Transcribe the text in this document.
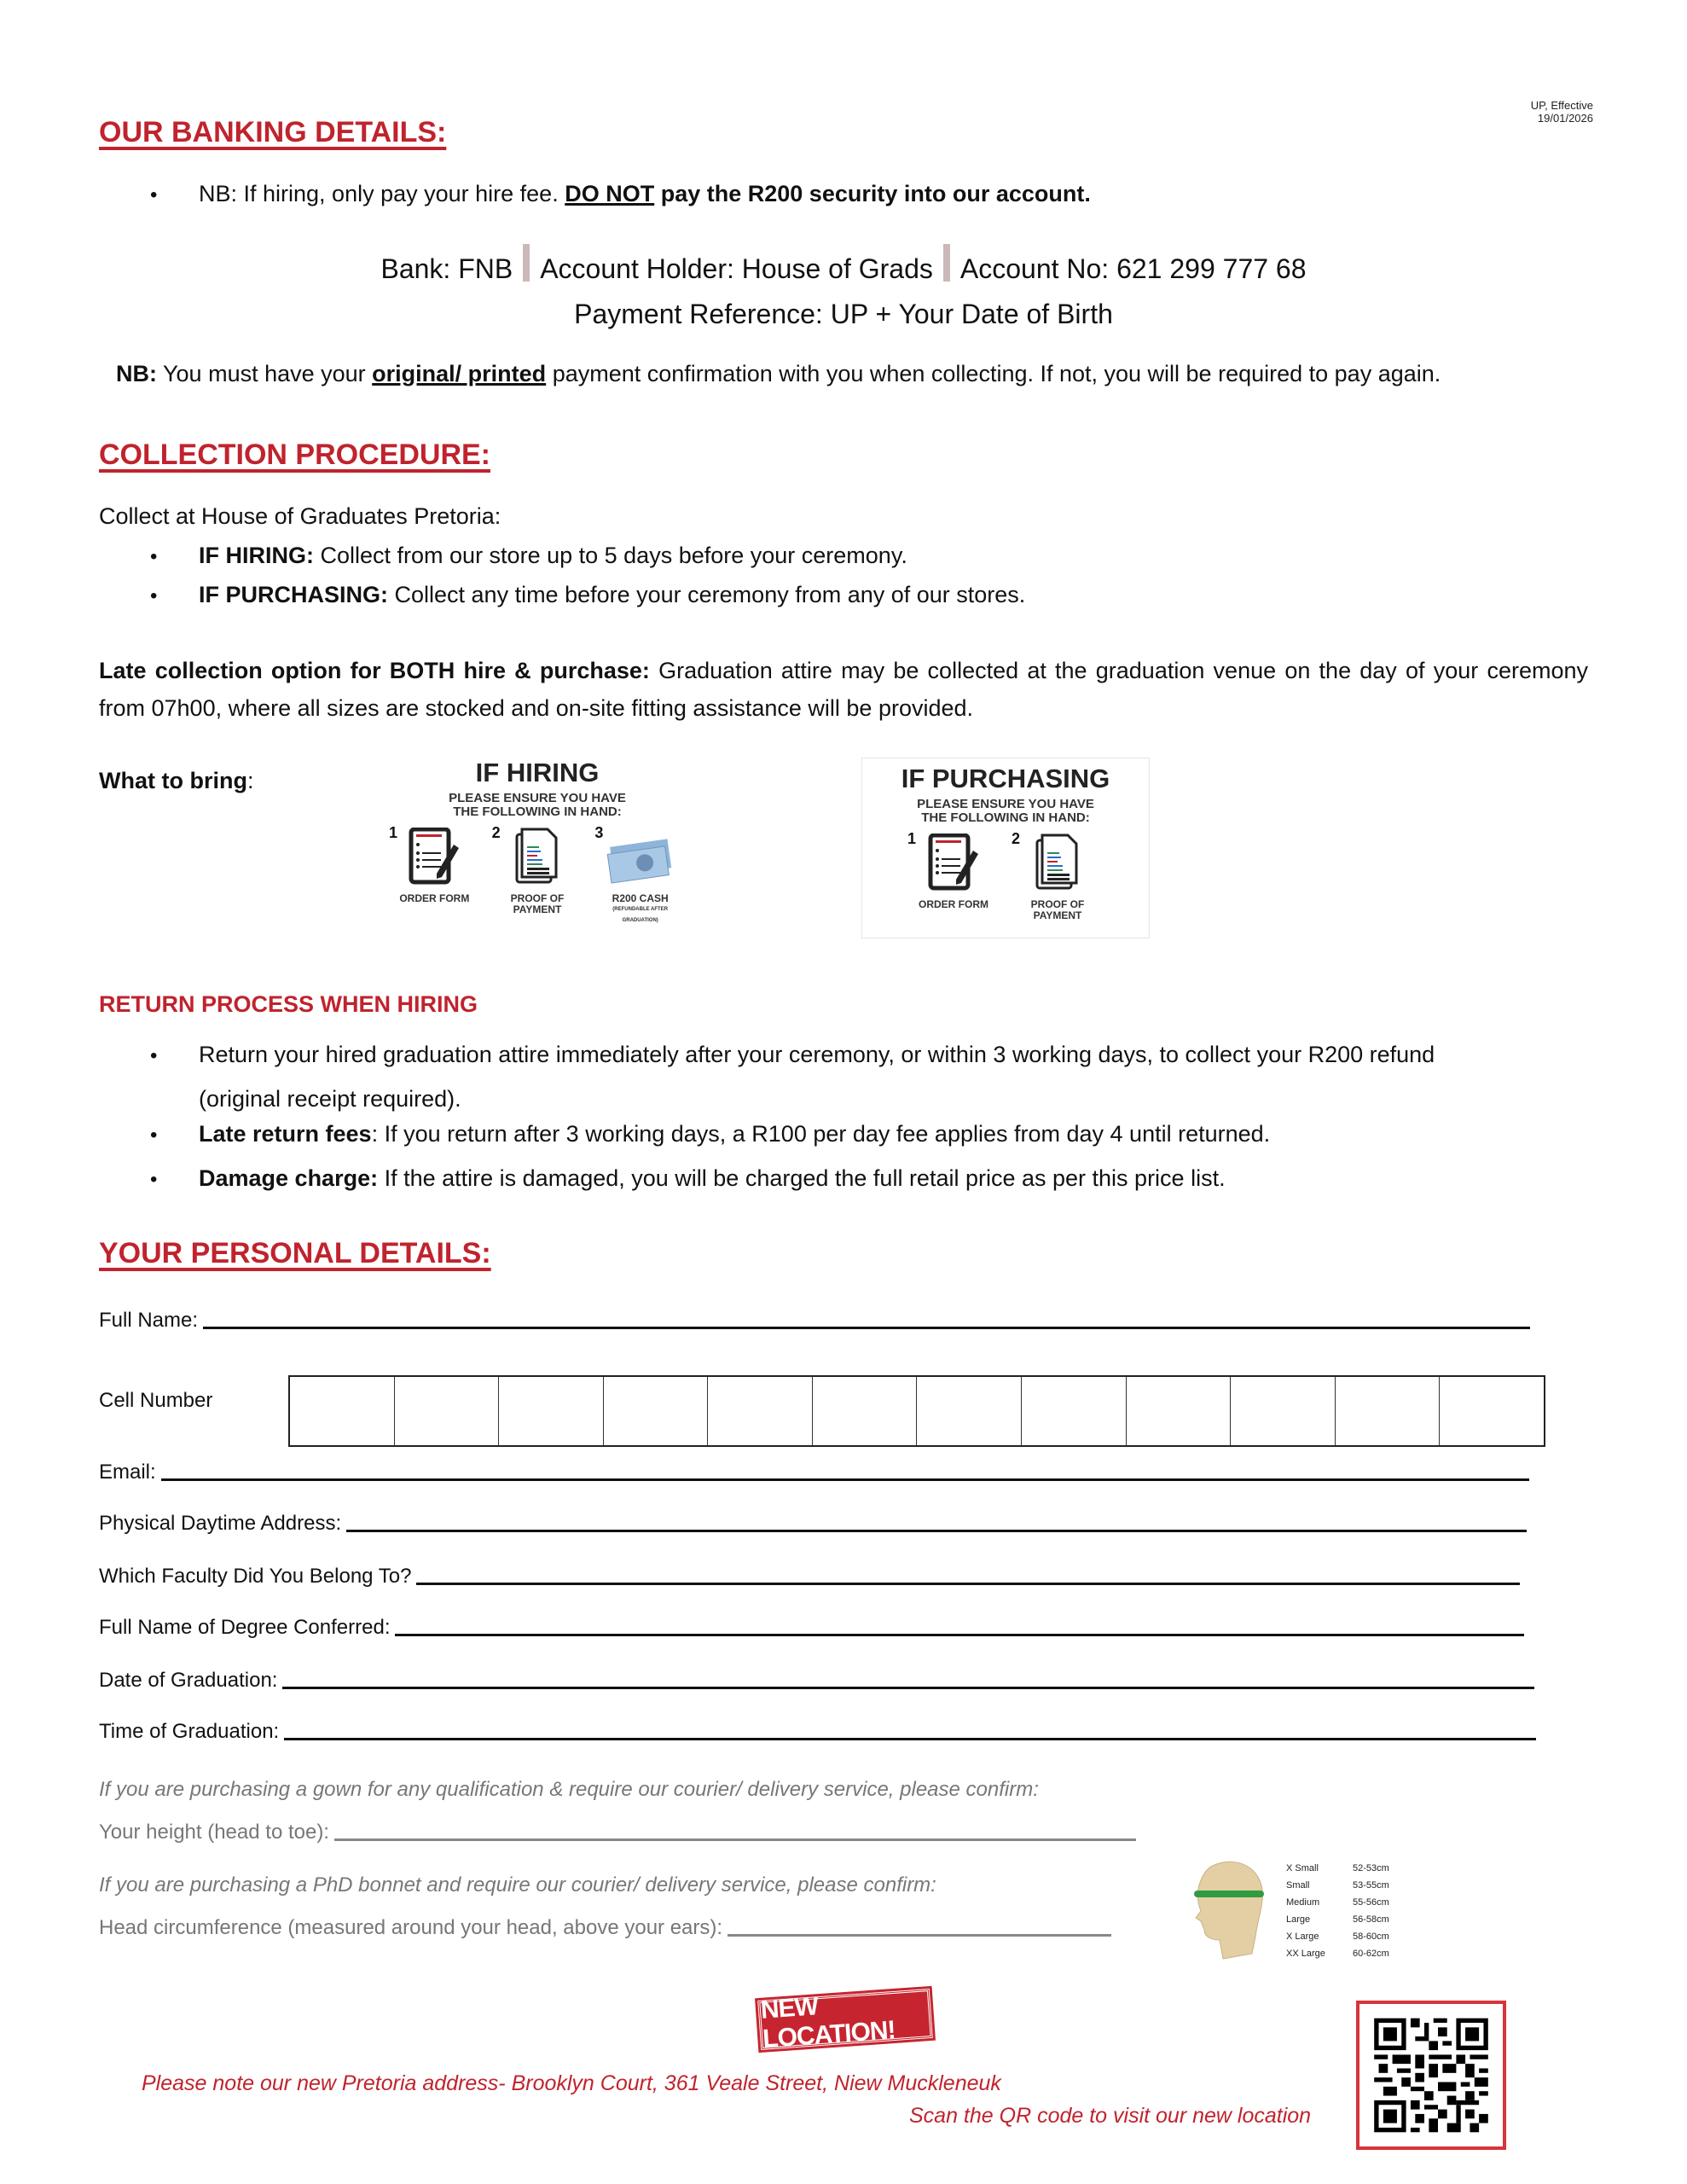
UP, Effective
19/01/2026
OUR BANKING DETAILS:
•	NB: If hiring, only pay your hire fee. DO NOT pay the R200 security into our account.
Bank: FNB Account Holder: House of Grads Account No: 621 299 777 68
Payment Reference: UP + Your Date of Birth
NB: You must have your original/ printed payment confirmation with you when collecting. If not, you will be required to pay again.
COLLECTION PROCEDURE:
Collect at House of Graduates Pretoria:
•	IF HIRING: Collect from our store up to 5 days before your ceremony.
•	IF PURCHASING: Collect any time before your ceremony from any of our stores.
Late collection option for BOTH hire & purchase: Graduation attire may be collected at the graduation venue on the day of your ceremony from 07h00, where all sizes are stocked and on-site fitting assistance will be provided.
What to bring:	IF HIRING
PLEASE ENSURE YOU HAVE
THE FOLLOWING IN HAND:
1
ORDER FORM
2
PROOF OF PAYMENT
3
R200 CASH
(REFUNDABLE AFTER GRADUATION)
IF PURCHASING
PLEASE ENSURE YOU HAVE
THE FOLLOWING IN HAND:
1
ORDER FORM
2
PROOF OF PAYMENT
RETURN PROCESS WHEN HIRING
•	Return your hired graduation attire immediately after your ceremony, or within 3 working days, to collect your R200 refund
(original receipt required).
•	Late return fees: If you return after 3 working days, a R100 per day fee applies from day 4 until returned.
•	Damage charge: If the attire is damaged, you will be charged the full retail price as per this price list.
YOUR PERSONAL DETAILS:
Full Name:
Cell Number
Email:
Physical Daytime Address:
Which Faculty Did You Belong To?
Full Name of Degree Conferred:
Date of Graduation:
Time of Graduation:
If you are purchasing a gown for any qualification & require our courier/ delivery service, please confirm:
Your height (head to toe):
If you are purchasing a PhD bonnet and require our courier/ delivery service, please confirm:
Head circumference (measured around your head, above your ears):
X Small	52-53cm
Small	53-55cm
Medium	55-56cm
Large	56-58cm
X Large	58-60cm
XX Large	60-62cm
NEW LOCATION!
Please note our new Pretoria address- Brooklyn Court, 361 Veale Street, Niew Muckleneuk
Scan the QR code to visit our new location
